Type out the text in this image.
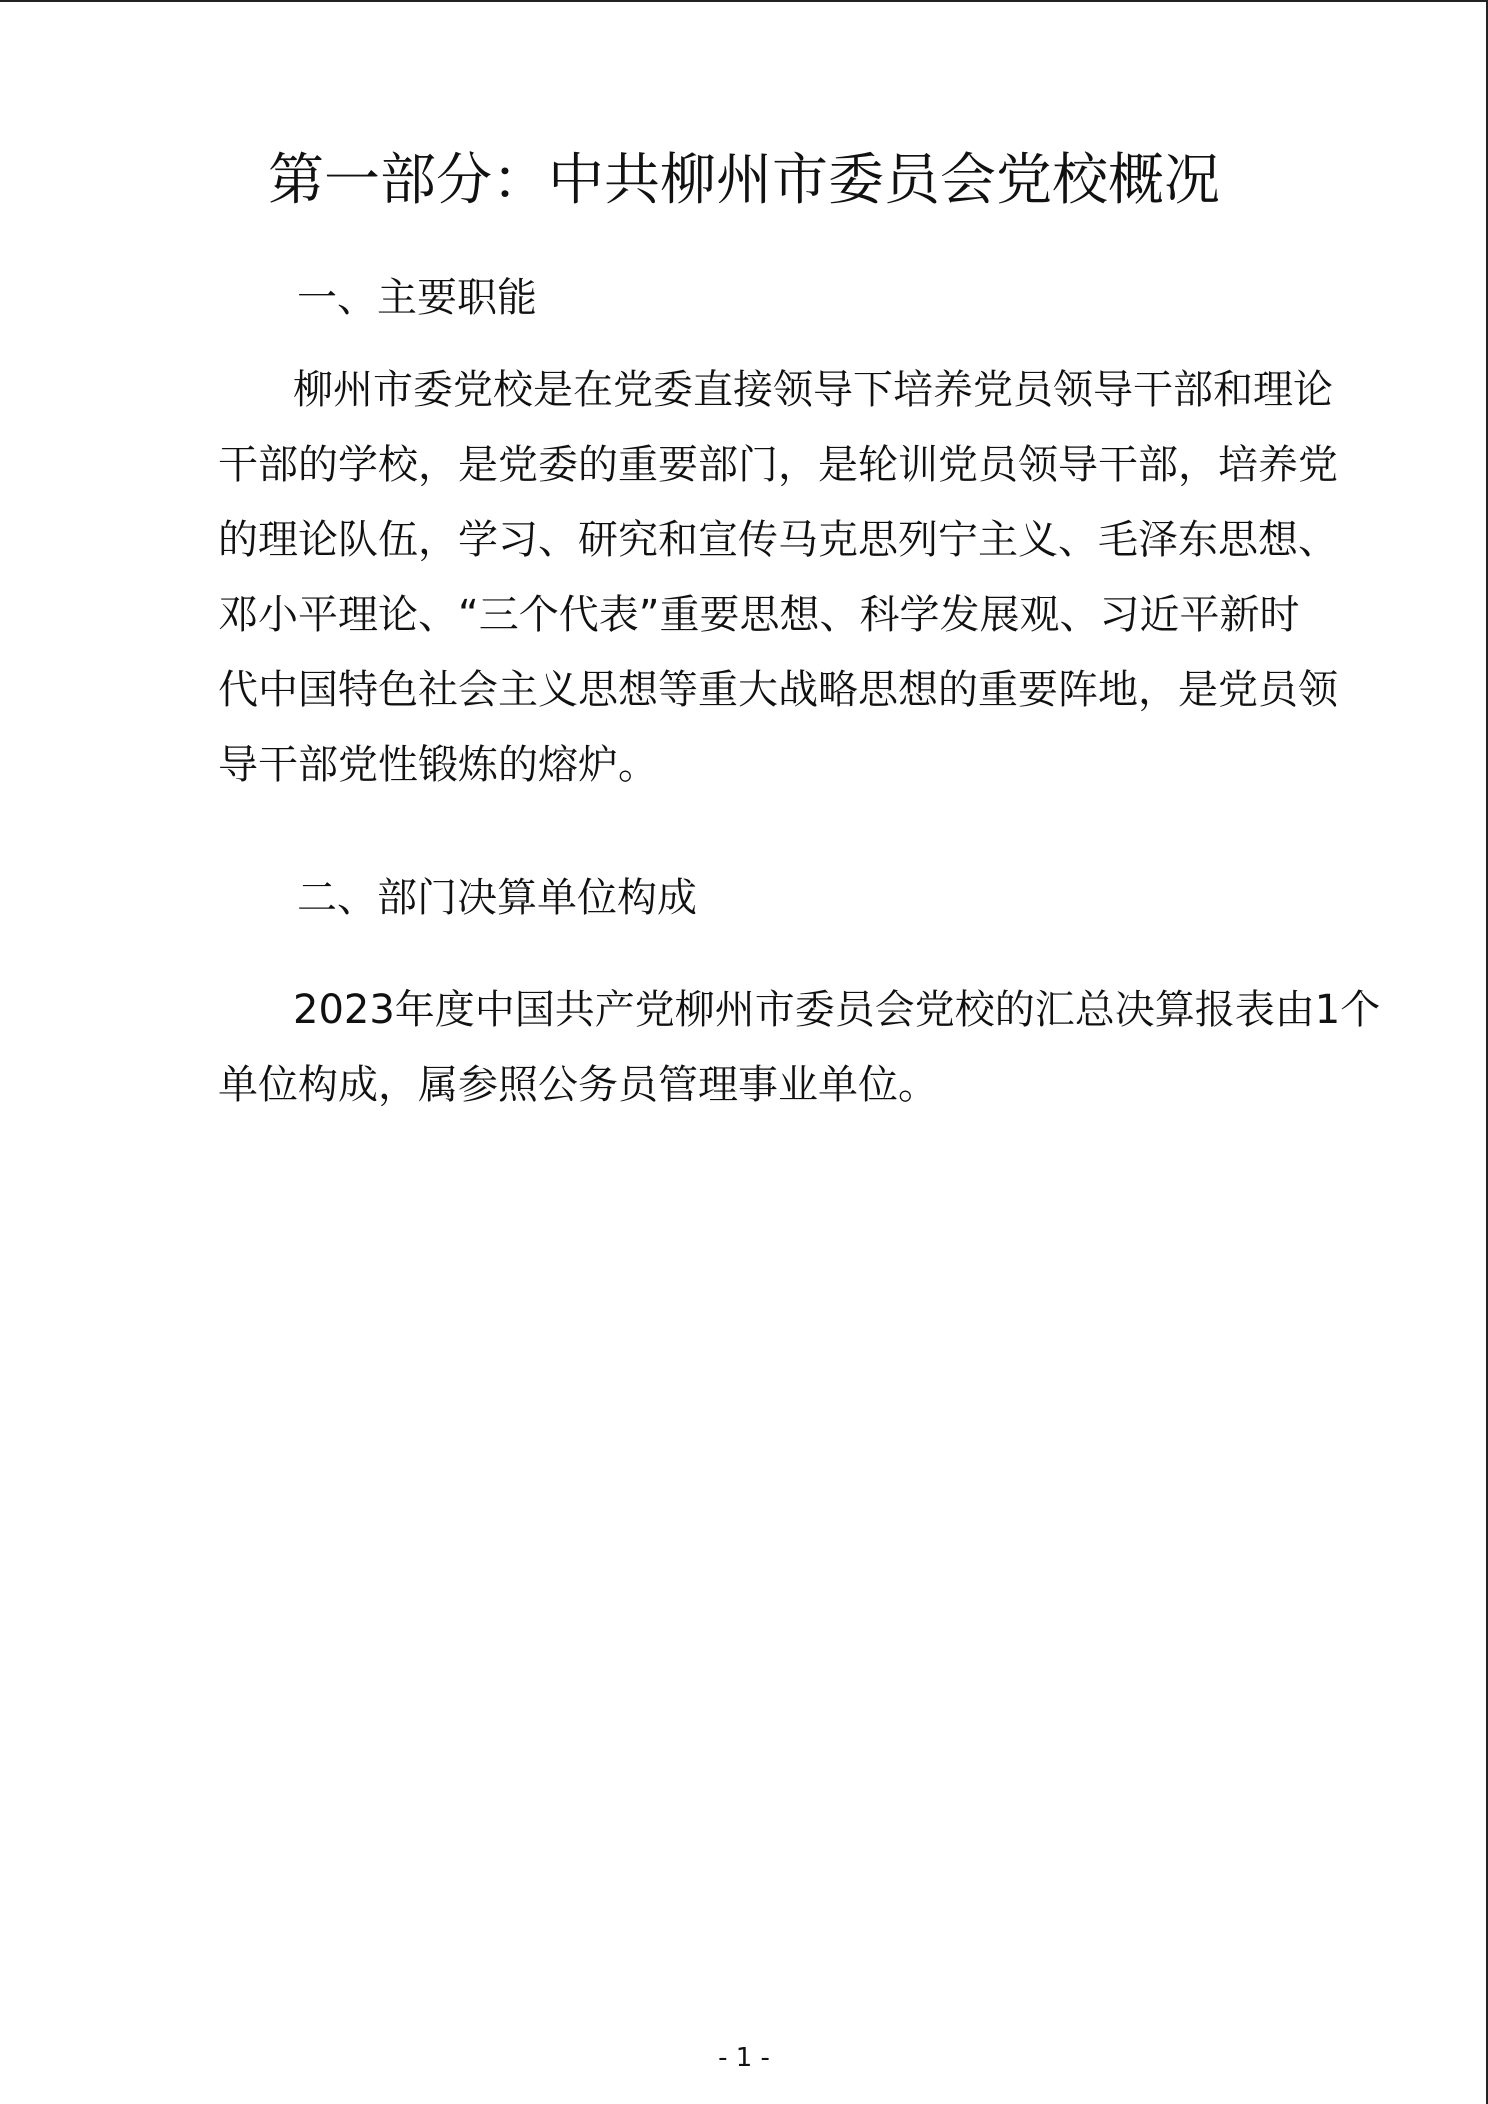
第一部分：中共柳州市委员会党校概况
一、主要职能
柳州市委党校是在党委直接领导下培养党员领导干部和理论
干部的学校，是党委的重要部门，是轮训党员领导干部，培养党
的理论队伍，学习、研究和宣传马克思列宁主义、毛泽东思想、
邓小平理论、“三个代表”重要思想、科学发展观、习近平新时
代中国特色社会主义思想等重大战略思想的重要阵地，是党员领
导干部党性锻炼的熔炉。
二、部门决算单位构成
2023年度中国共产党柳州市委员会党校的汇总决算报表由1个
单位构成，属参照公务员管理事业单位。
- 1 -
